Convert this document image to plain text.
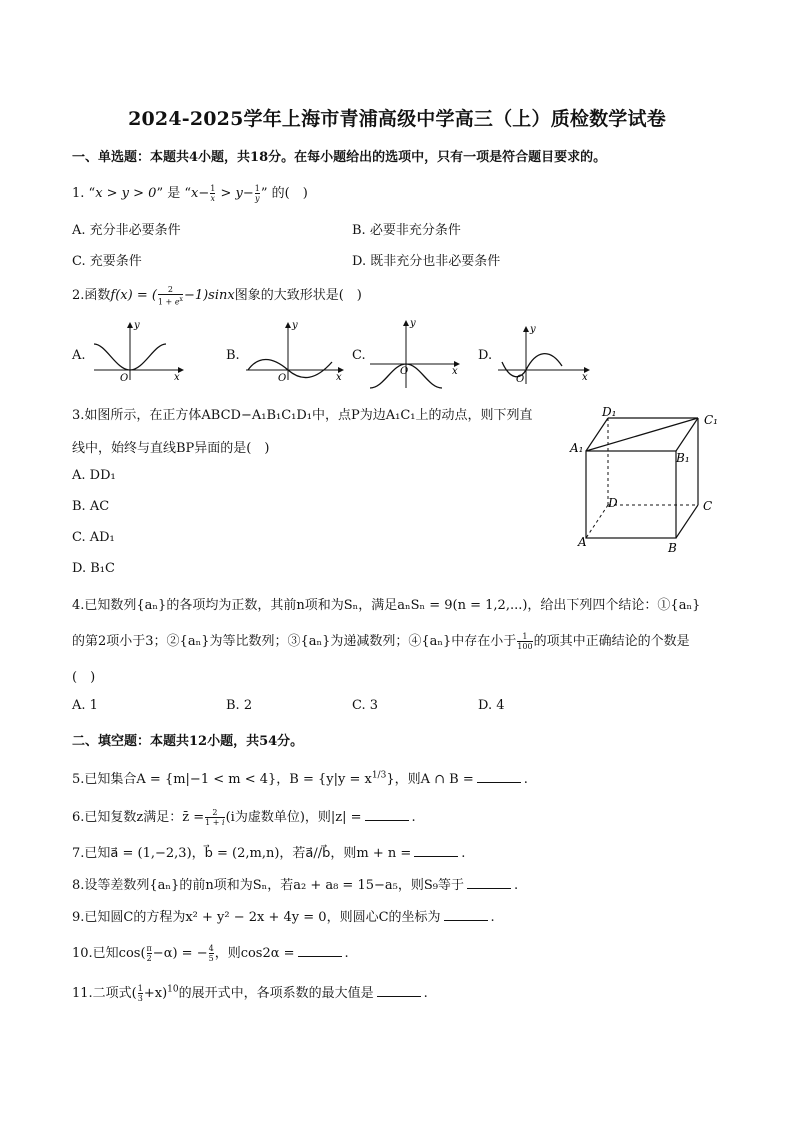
2024-2025学年上海市青浦高级中学高三（上）质检数学试卷
一、单选题：本题共4小题，共18分。在每小题给出的选项中，只有一项是符合题目要求的。
1. “x > y > 0” 是 “$x- \frac{1}{x} > y- \frac{1}{y}$ ” 的(　)
A. 充分非必要条件	B. 必要非充分条件
C. 充要条件	D. 既非充分也非必要条件
2.函数f(x) = ( $\frac{2}{1 + e^x} -1)\sin x$图象的大致形状是(　)
A.
y
O	x
B.
y
O	x
C.
y
O	x
D.
y
O	x
3.如图所示，在正方体ABCD−A₁B₁C₁D₁中，点P为边A₁C₁上的动点，则下列直
线中，始终与直线BP异面的是(　)
A. DD₁
B. AC
C. AD₁
D. B₁C
D₁
C₁
A₁
B₁
D	C
A	B
4.已知数列{aₙ}的各项均为正数，其前n项和为Sₙ，满足aₙSₙ = 9(n = 1,2,...)，给出下列四个结论：①{aₙ}
的第2项小于3；②{aₙ}为等比数列；③{aₙ}为递减数列；④{aₙ}中存在小于 $\frac{1}{100}$ 的项其中正确结论的个数是
(　)
A. 1	B. 2	C. 3	D. 4
二、填空题：本题共12小题，共54分。
5.已知集合A = {m|−1 < m < 4}，$B = \{y|y = x^{1/3}\}$，则A ∩ B =	.
6.已知复数z满足：z̄ = $\frac{2}{1 + i} (i$为虚数单位)，则|z| =	.
7.已知a⃗ = (1,−2,3)，b⃗ = (2,m,n)，若a⃗//b⃗，则m + n =	.
8.设等差数列{aₙ}的前n项和为Sₙ，若a₂ + a₈ = 15−a₅，则S₉等于	.
9.已知圆C的方程为x² + y² − 2x + 4y = 0，则圆心C的坐标为	.
10.已知$\cos( \frac{\pi}{2} -\alpha)$ = − $\frac{4}{5}$ ，则cos2α =	.
11.二项式( $\frac{1}{3} +x)^{10}$的展开式中，各项系数的最大值是	.
